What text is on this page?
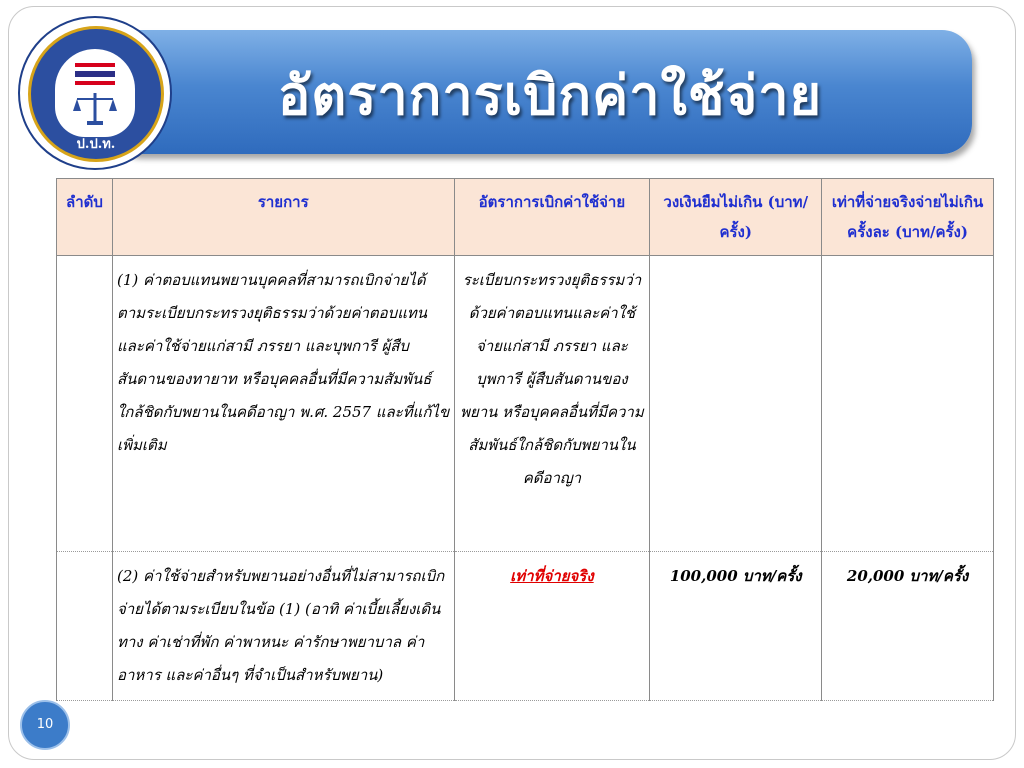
อัตราการเบิกค่าใช้จ่าย
ป.ป.ท.
ลำดับ	รายการ	อัตราการเบิกค่าใช้จ่าย	วงเงินยืมไม่เกิน (บาท/ครั้ง)	เท่าที่จ่ายจริงจ่ายไม่เกินครั้งละ (บาท/ครั้ง)
	(1) ค่าตอบแทนพยานบุคคลที่สามารถเบิกจ่ายได้ตามระเบียบกระทรวงยุติธรรมว่าด้วยค่าตอบแทนและค่าใช้จ่ายแก่สามี ภรรยา และบุพการี ผู้สืบสันดานของทายาท หรือบุคคลอื่นที่มีความสัมพันธ์ใกล้ชิดกับพยานในคดีอาญา พ.ศ. 2557 และที่แก้ไขเพิ่มเติม	ระเบียบกระทรวงยุติธรรมว่าด้วยค่าตอบแทนและค่าใช้จ่ายแก่สามี ภรรยา และบุพการี ผู้สืบสันดานของพยาน หรือบุคคลอื่นที่มีความสัมพันธ์ใกล้ชิดกับพยานในคดีอาญา		
	(2) ค่าใช้จ่ายสำหรับพยานอย่างอื่นที่ไม่สามารถเบิกจ่ายได้ตามระเบียบในข้อ (1) (อาทิ ค่าเบี้ยเลี้ยงเดินทาง ค่าเช่าที่พัก ค่าพาหนะ ค่ารักษาพยาบาล ค่าอาหาร และค่าอื่นๆ ที่จำเป็นสำหรับพยาน)	เท่าที่จ่ายจริง	100,000 บาท/ครั้ง	20,000 บาท/ครั้ง
10
